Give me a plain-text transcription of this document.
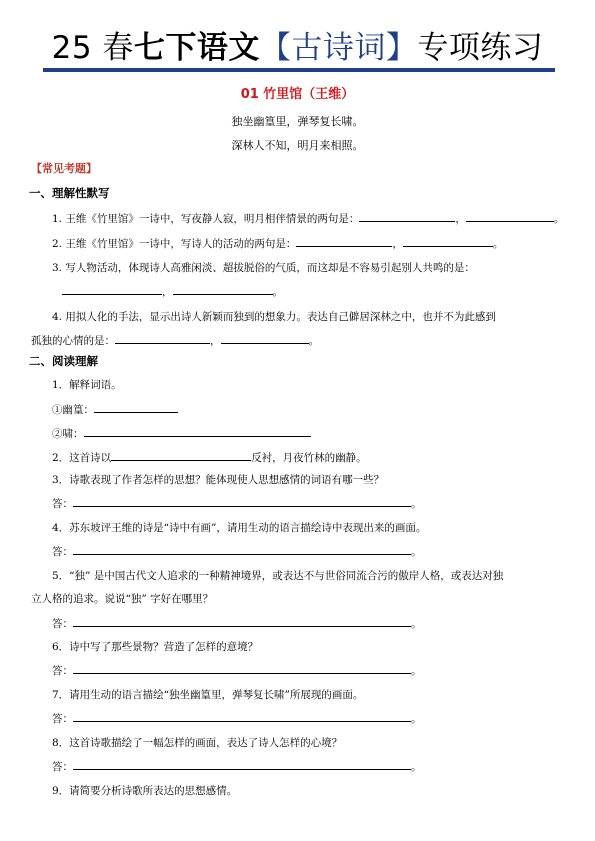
25 春七下语文【古诗词】专项练习
01 竹里馆（王维）
独坐幽篁里，弹琴复长啸。
深林人不知，明月来相照。
【常见考题】
一、理解性默写
1. 王维《竹里馆》一诗中，写夜静人寂，明月相伴情景的两句是：	，	。
2. 王维《竹里馆》一诗中，写诗人的活动的两句是：	，	。
3. 写人物活动，体现诗人高雅闲淡、超拔脱俗的气质，而这却是不容易引起别人共鸣的是：
，	。
4. 用拟人化的手法，显示出诗人新颖而独到的想象力。表达自己僻居深林之中，也并不为此感到
孤独的心情的是：	，	。
二、阅读理解
1．解释词语。
①幽篁：
②啸：
2．这首诗以	反衬，月夜竹林的幽静。
3．诗歌表现了作者怎样的思想？能体现使人思想感情的词语有哪一些？
答：	。
4．苏东坡评王维的诗是“诗中有画”，请用生动的语言描绘诗中表现出来的画面。
答：	。
5．“独” 是中国古代文人追求的一种精神境界，或表达不与世俗同流合污的傲岸人格，或表达对独
立人格的追求。说说“独” 字好在哪里？
答：	。
6．诗中写了那些景物？营造了怎样的意境？
答：	。
7．请用生动的语言描绘“独坐幽篁里，弹琴复长啸”所展现的画面。
答：	。
8．这首诗歌描绘了一幅怎样的画面，表达了诗人怎样的心境？
答：	。
9．请简要分析诗歌所表达的思想感情。
